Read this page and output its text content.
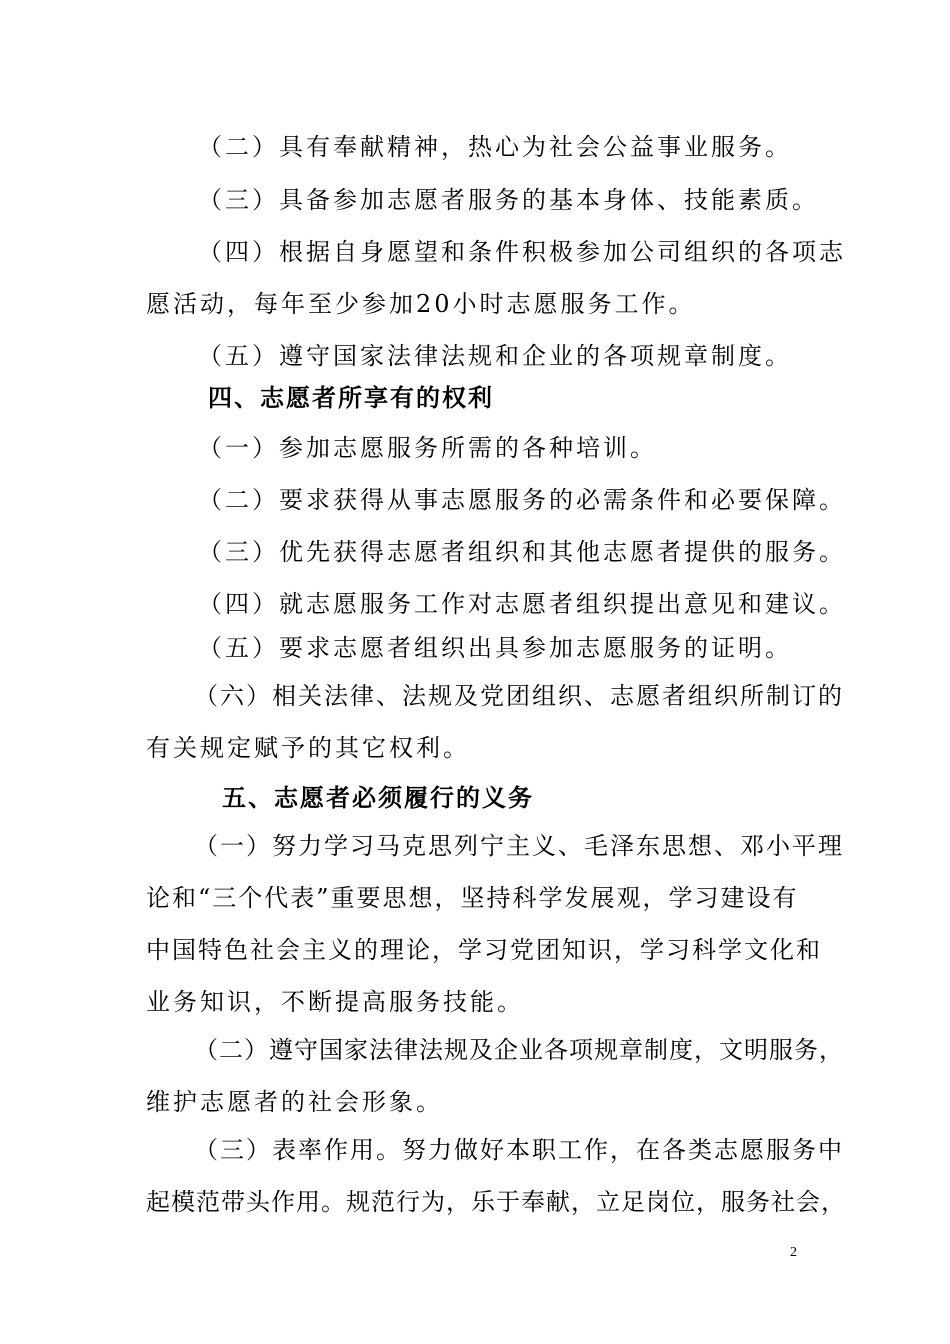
（二）具有奉献精神，热心为社会公益事业服务。
（三）具备参加志愿者服务的基本身体、技能素质。
（四）根据自身愿望和条件积极参加公司组织的各项志
愿活动，每年至少参加20小时志愿服务工作。
（五）遵守国家法律法规和企业的各项规章制度。
四、志愿者所享有的权利
（一）参加志愿服务所需的各种培训。
（二）要求获得从事志愿服务的必需条件和必要保障。
（三）优先获得志愿者组织和其他志愿者提供的服务。
（四）就志愿服务工作对志愿者组织提出意见和建议。
（五）要求志愿者组织出具参加志愿服务的证明。
（六）相关法律、法规及党团组织、志愿者组织所制订的
有关规定赋予的其它权利。
五、志愿者必须履行的义务
（一）努力学习马克思列宁主义、毛泽东思想、邓小平理
论和“三个代表”重要思想，坚持科学发展观，学习建设有
中国特色社会主义的理论，学习党团知识，学习科学文化和
业务知识，不断提高服务技能。
（二）遵守国家法律法规及企业各项规章制度，文明服务，
维护志愿者的社会形象。
（三）表率作用。努力做好本职工作，在各类志愿服务中
起模范带头作用。规范行为，乐于奉献，立足岗位，服务社会，
2
